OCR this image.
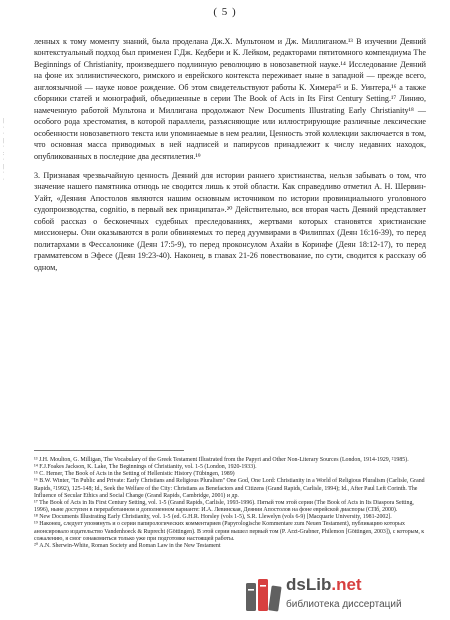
( 5 )

ленных к тому моменту знаний, была проделана Дж.Х. Мультоном и Дж. Миллиганом.¹³ В изучении Деяний контекстуальный подход был применен Г.Дж. Кедбери и К. Лейком, редакторами пятитомного компендиума The Beginnings of Christianity, произведшего подлинную революцию в новозаветной науке.¹⁴ Исследование Деяний на фоне их эллинистического, римского и еврейского контекста переживает ныне в западной — прежде всего, англоязычной — науке новое рождение. Об этом свидетельствуют работы К. Химера¹⁵ и Б. Уинтера,¹⁶ а также сборники статей и монографий, объединенные в серии The Book of Acts in Its First Century Setting.¹⁷ Линию, намеченную работой Мультона и Миллигана продолжают New Documents Illustrating Early Christianity¹⁸ — особого рода хрестоматия, в которой параллели, разъясняющие или иллюстрирующие различные лексические особенности новозаветного текста или упоминаемые в нем реалии, Ценность этой коллекции заключается в том, что основная масса приводимых в ней надписей и папирусов принадлежит к числу недавних находок, опубликованных в последние два десятилетия.¹⁹

3. Признавая чрезвычайную ценность Деяний для истории раннего христианства, нельзя забывать о том, что значение нашего памятника отнюдь не сводится лишь к этой области. Как справедливо отметил А. Н. Шервин-Уайт, «Деяния Апостолов являются нашим основным источником по истории провинциального уголовного судопроизводства, cognitio, в первый век принципата».²⁰ Действительно, вся вторая часть Деяний представляет собой рассказ о бесконечных судебных преследованиях, жертвами которых становятся христианские миссионеры. Они оказываются в роли обвиняемых то перед дуумвирами в Филиппах (Деян 16:16-39), то перед политархами в Фессалонике (Деян 17:5-9), то перед проконсулом Ахайи в Коринфе (Деян 18:12-17), то перед грамматевсом в Эфесе (Деян 19:23-40). Наконец, в главах 21-26 повествование, по сути, сводится к рассказу об одном,

¹³ J.H. Moulton, G. Milligan, The Vocabulary of the Greek Testament Illustrated from the Papyri and Other Non-Literary Sources (London, 1914-1929, ²1985).
¹⁴ F.J.Foakes Jackson, K. Lake, The Beginnings of Christianity, vol. 1-5 (London, 1920-1933).
¹⁵ C. Hemer, The Book of Acts in the Setting of Hellenistic History (Tübingen, 1989)
¹⁶ B.W. Winter, "In Public and Private: Early Christians and Religious Pluralism" One God, One Lord: Christianity in a World of Religious Pluralism (Carlisle, Grand Rapids, ²1992), 125-148; Id., Seek the Welfare of the City: Christians as Benefactors and Citizens (Grand Rapids, Carlisle, 1994); Id., After Paul Left Corinth. The Influence of Secular Ethics and Social Change (Grand Rapids, Cambridge, 2001) и др.
¹⁷ The Book of Acts in Its First Century Setting, vol. 1-5 (Grand Rapids, Carlisle, 1993-1996). Пятый том этой серии (The Book of Acts in Its Diaspora Setting, 1996), ныне доступен в переработанном и дополненном варианте: И.А. Левинская, Деяния Апостолов на фоне еврейской диаспоры (СПб, 2000).
¹⁸ New Documents Illustrating Early Christianity, vol. 1-5 (ed. G.H.R. Horsley (vols 1-5), S.R. Llewelyn (vols 6-9) [Macquarie University, 1981-2002].
¹⁹ Наконец, следует упомянуть и о серии папирологических комментариев (Papyrologische Kommentare zum Neuen Testament), публикацию которых анонсировало издательство Vandenhoeck & Ruprecht (Göttingen). В этой серии вышел первый том (P. Arzt-Grabner, Philemon [Göttingen, 2003]), с которым, к сожалению, я смог ознакомиться только уже при подготовке настоящей работы.
²⁰ A.N. Sherwin-White, Roman Society and Roman Law in the New Testament
|
·
·
|
·
:
·
|
·
·
dsLib.net
библиотека диссертаций
